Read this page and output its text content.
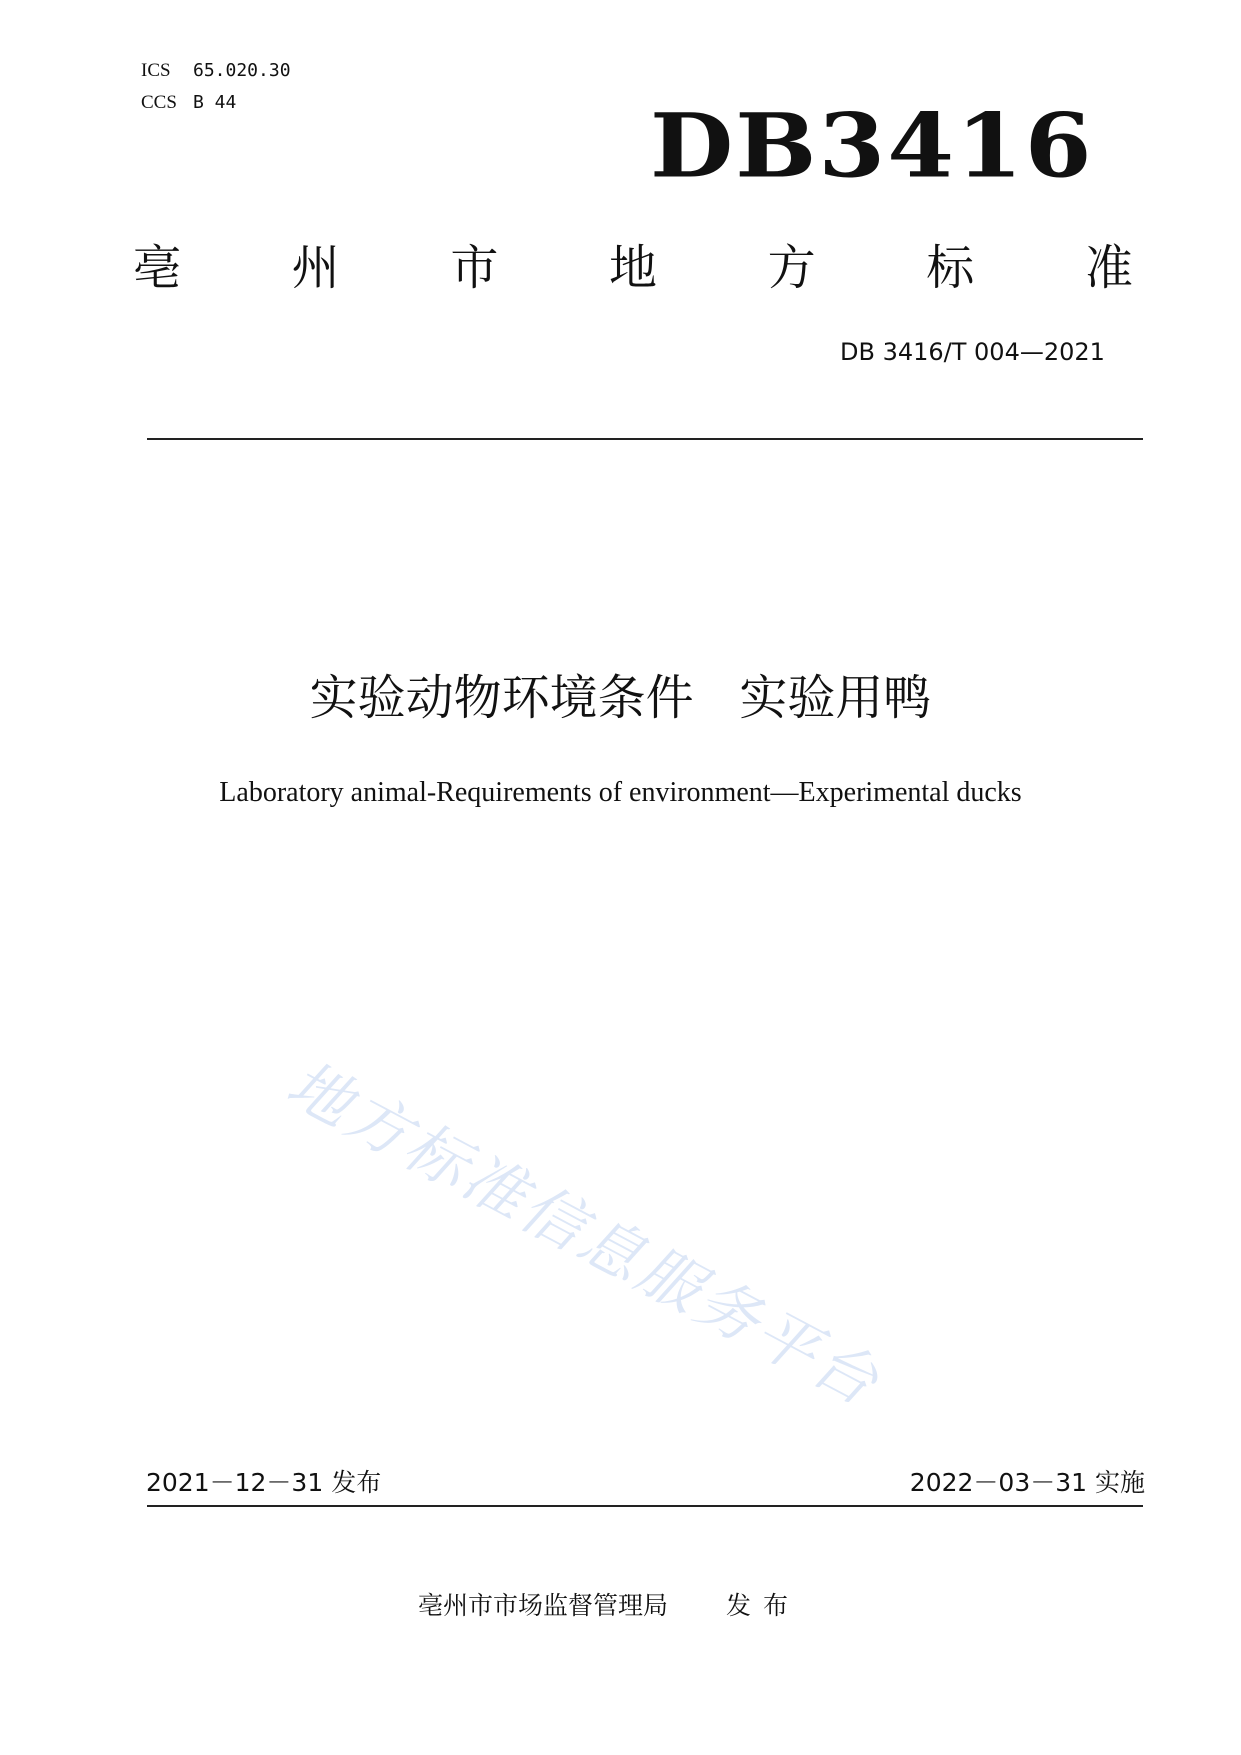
ICS 65.020.30
CCS B 44	DB3416
亳 州 市 地 方 标 准
DB 3416/T 004—2021
实验动物环境条件   实验用鸭
Laboratory animal-Requirements of environment—Experimental ducks
地方标准信息服务平台
2021－12－31 发布	2022－03－31 实施
亳州市市场监督管理局 发布
